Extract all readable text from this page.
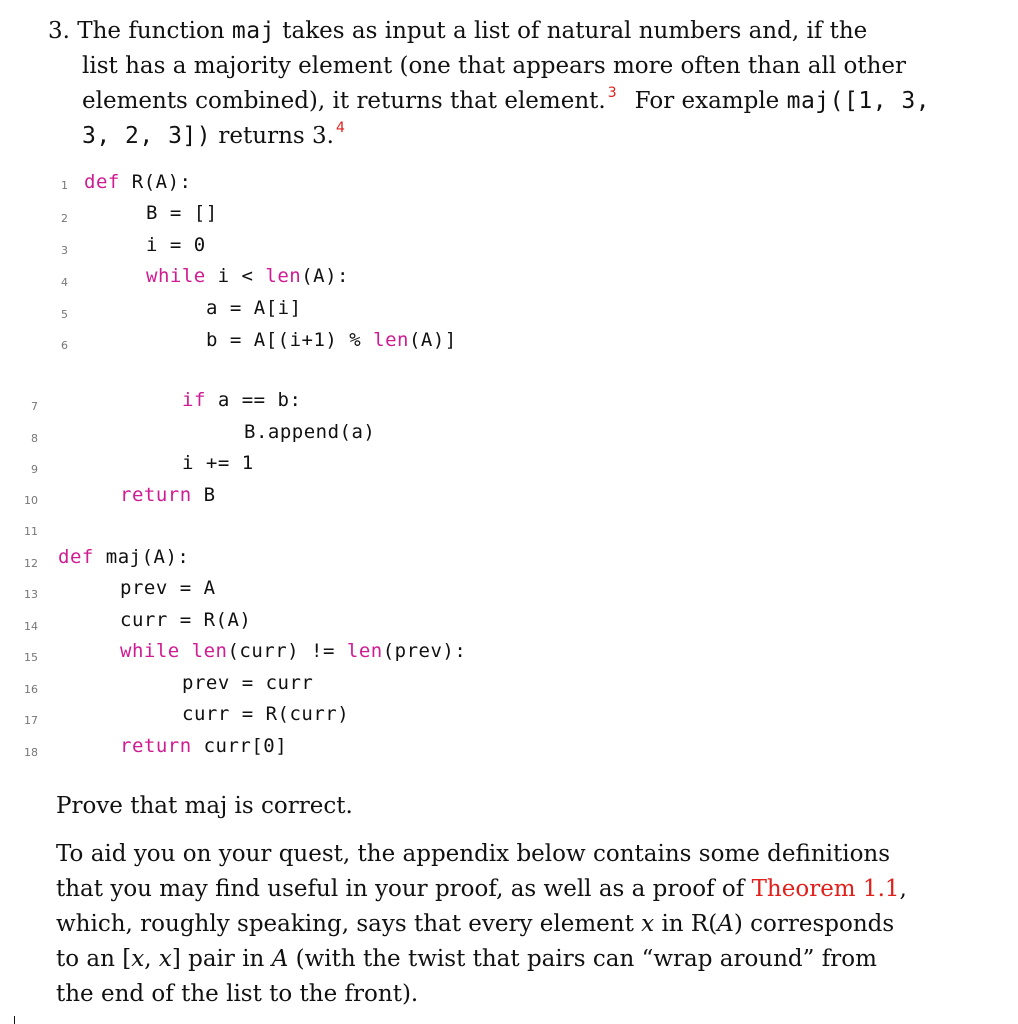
3. The function maj takes as input a list of natural numbers and, if the
list has a majority element (one that appears more often than all other
elements combined), it returns that element. $^3$ For example maj([1, 3,
3, 2, 3]) returns 3. $^4$
1 def R(A):
2	B = []
3	i = 0
4	while i < len(A):
5	a = A[i]
6	b = A[(i+1) % len(A)]
7	if a == b:
8	B.append(a)
9	i += 1
10	return B
11
12 def maj(A):
13	prev = A
14	curr = R(A)
15	while len(curr) != len(prev):
16	prev = curr
17	curr = R(curr)
18	return curr[0]
Prove that maj is correct.
To aid you on your quest, the appendix below contains some definitions
that you may find useful in your proof, as well as a proof of Theorem 1.1,
which, roughly speaking, says that every element x in R(A) corresponds
to an [x, x] pair in A (with the twist that pairs can “wrap around” from
the end of the list to the front).
